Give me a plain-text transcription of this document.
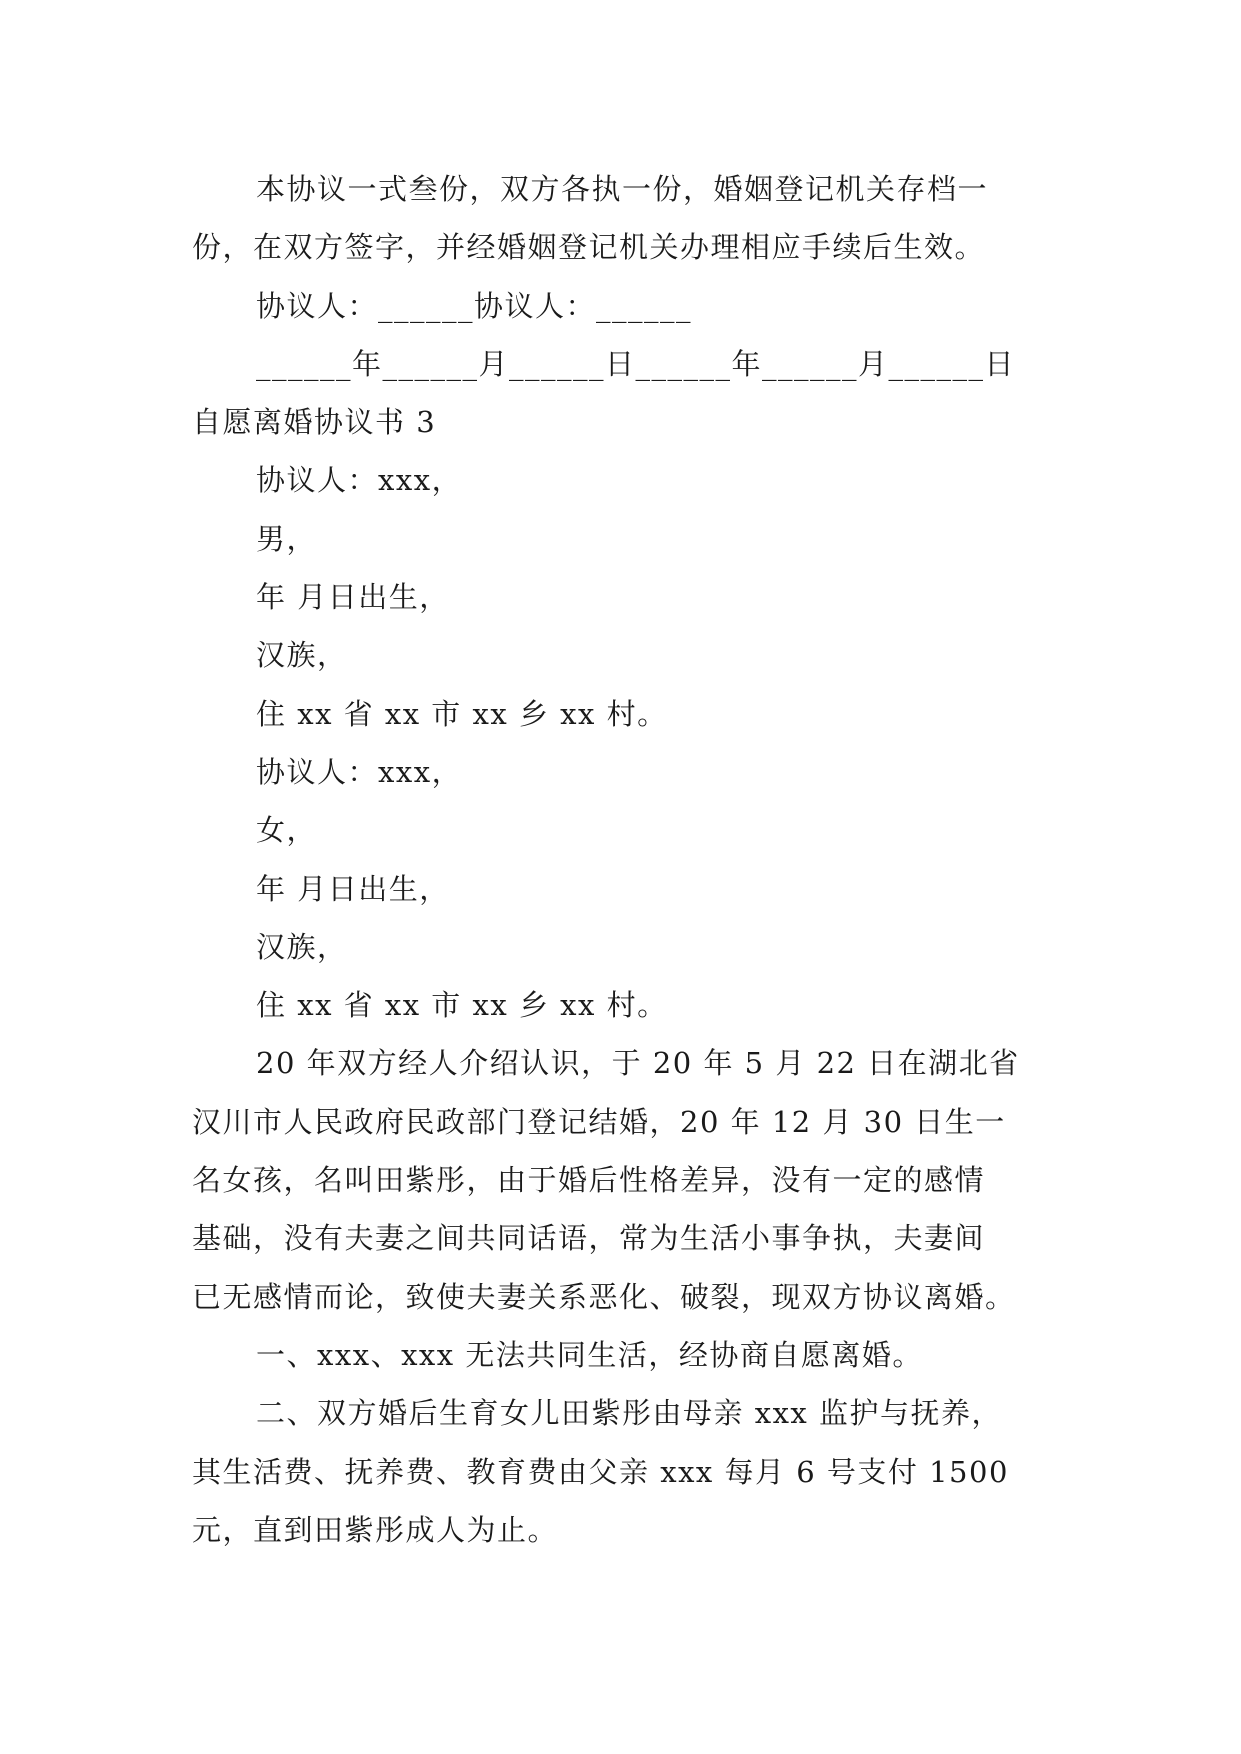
本协议一式叁份，双方各执一份，婚姻登记机关存档一
份，在双方签字，并经婚姻登记机关办理相应手续后生效。
协议人：______协议人：______
______年______月______日______年______月______日
自愿离婚协议书 3
协议人：xxx，
男，
年 月日出生，
汉族，
住 xx 省 xx 市 xx 乡 xx 村。
协议人：xxx，
女，
年 月日出生，
汉族，
住 xx 省 xx 市 xx 乡 xx 村。
20 年双方经人介绍认识，于 20 年 5 月 22 日在湖北省
汉川市人民政府民政部门登记结婚，20 年 12 月 30 日生一
名女孩，名叫田紫彤，由于婚后性格差异，没有一定的感情
基础，没有夫妻之间共同话语，常为生活小事争执，夫妻间
已无感情而论，致使夫妻关系恶化、破裂，现双方协议离婚。
一、xxx、xxx 无法共同生活，经协商自愿离婚。
二、双方婚后生育女儿田紫彤由母亲 xxx 监护与抚养，
其生活费、抚养费、教育费由父亲 xxx 每月 6 号支付 1500
元，直到田紫彤成人为止。
